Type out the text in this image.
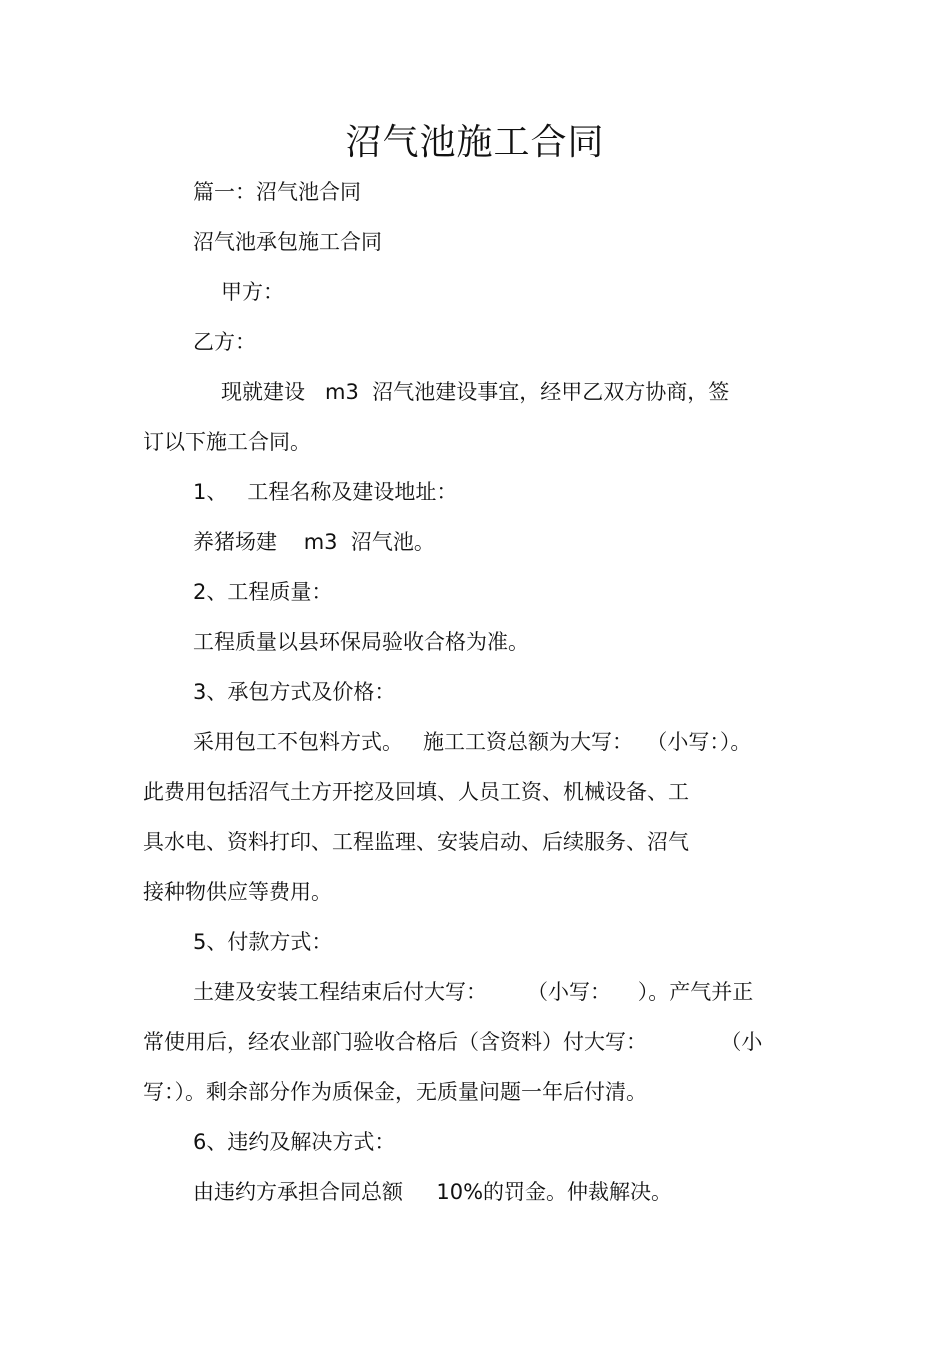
沼气池施工合同
篇一：沼气池合同
沼气池承包施工合同
甲方：
乙方：
现就建设   m3  沼气池建设事宜，经甲乙双方协商，签
订以下施工合同。
1、   工程名称及建设地址：
养猪场建    m3  沼气池。
2、工程质量：
工程质量以县环保局验收合格为准。
3、承包方式及价格：
采用包工不包料方式。   施工工资总额为大写：  （小写：）。
此费用包括沼气土方开挖及回填、人员工资、机械设备、工
具水电、资料打印、工程监理、安装启动、后续服务、沼气
接种物供应等费用。
5、付款方式：
土建及安装工程结束后付大写：      （小写：    ）。产气并正
常使用后，经农业部门验收合格后（含资料）付大写：           （小
写：）。剩余部分作为质保金，无质量问题一年后付清。
6、违约及解决方式：
由违约方承担合同总额     10%的罚金。仲裁解决。
